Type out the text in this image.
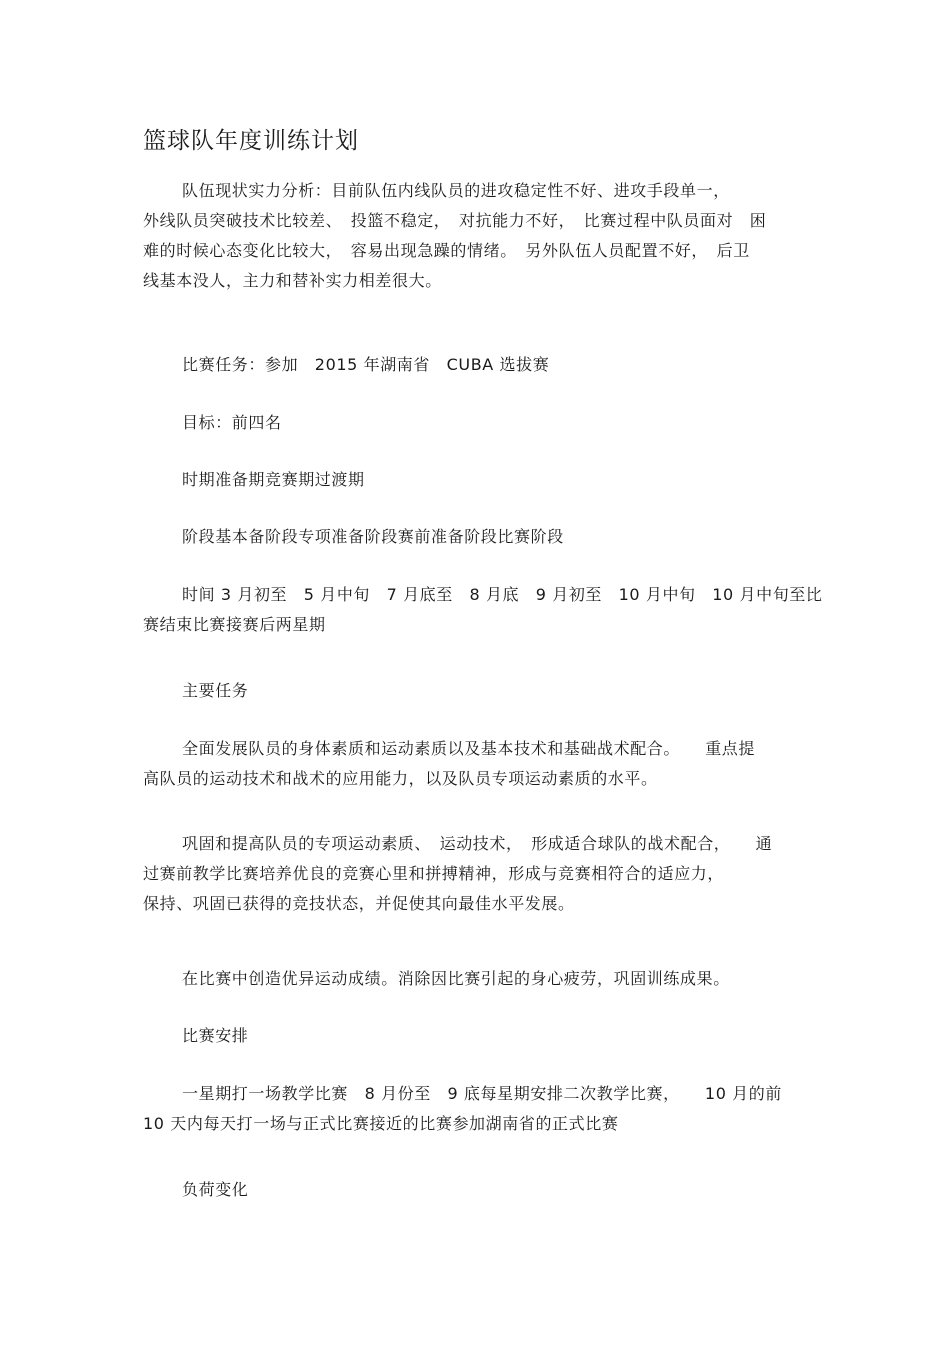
篮球队年度训练计划

队伍现状实力分析：目前队伍内线队员的进攻稳定性不好、进攻手段单一，
外线队员突破技术比较差、　投篮不稳定，　对抗能力不好，　比赛过程中队员面对　困
难的时候心态变化比较大，　容易出现急躁的情绪。　另外队伍人员配置不好，　后卫
线基本没人，主力和替补实力相差很大。

比赛任务：参加　2015 年湖南省　CUBA 选拔赛

目标：前四名

时期准备期竞赛期过渡期

阶段基本备阶段专项准备阶段赛前准备阶段比赛阶段

时间 3 月初至　5 月中旬　7 月底至　8 月底　9 月初至　10 月中旬　10 月中旬至比
赛结束比赛接赛后两星期

主要任务

全面发展队员的身体素质和运动素质以及基本技术和基础战术配合。　　重点提
高队员的运动技术和战术的应用能力，以及队员专项运动素质的水平。

巩固和提高队员的专项运动素质、　运动技术，　形成适合球队的战术配合，　　通
过赛前教学比赛培养优良的竞赛心里和拼搏精神，形成与竞赛相符合的适应力，
保持、巩固已获得的竞技状态，并促使其向最佳水平发展。

在比赛中创造优异运动成绩。消除因比赛引起的身心疲劳，巩固训练成果。

比赛安排

一星期打一场教学比赛　8 月份至　9 底每星期安排二次教学比赛，　　10 月的前
10 天内每天打一场与正式比赛接近的比赛参加湖南省的正式比赛

负荷变化
